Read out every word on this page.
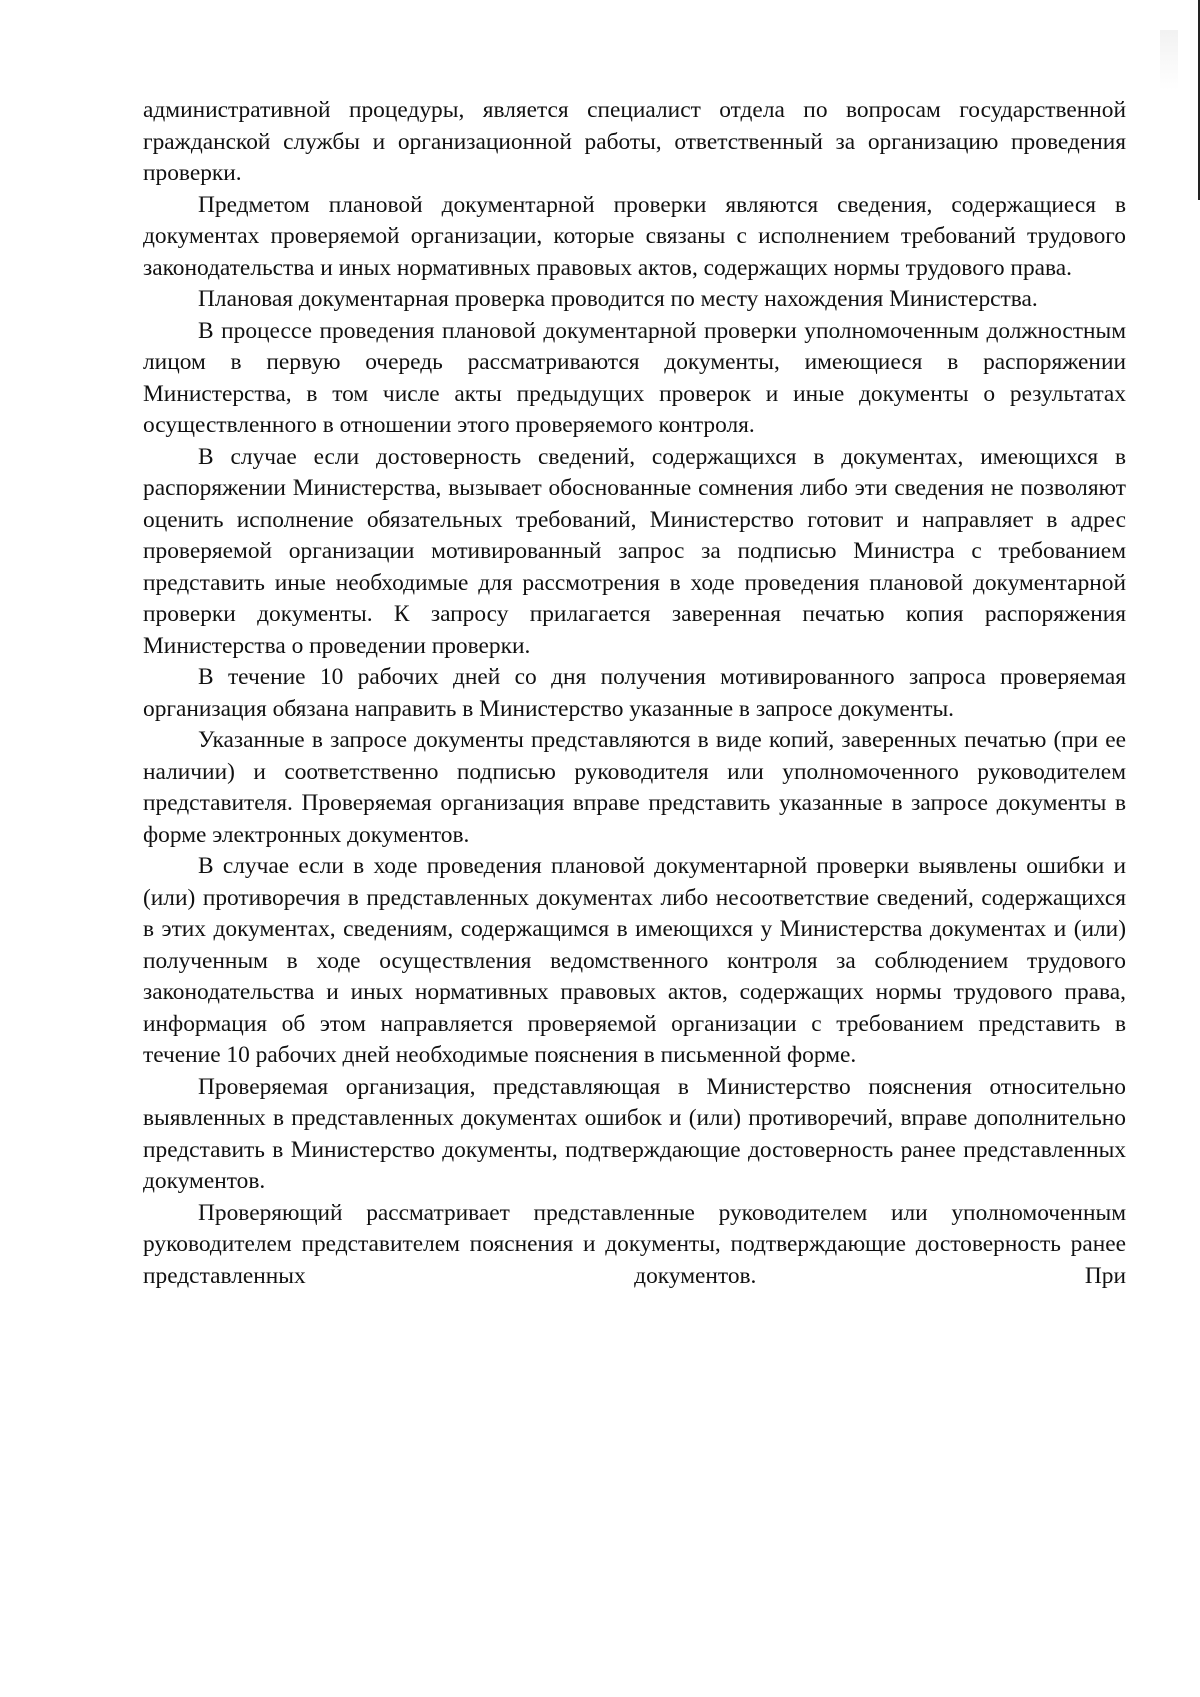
административной процедуры, является специалист отдела по вопросам государственной гражданской службы и организационной работы, ответственный за организацию проведения проверки.

Предметом плановой документарной проверки являются сведения, содержащиеся в документах проверяемой организации, которые связаны с исполнением требований трудового законодательства и иных нормативных правовых актов, содержащих нормы трудового права.

Плановая документарная проверка проводится по месту нахождения Министерства.

В процессе проведения плановой документарной проверки уполномоченным должностным лицом в первую очередь рассматриваются документы, имеющиеся в распоряжении Министерства, в том числе акты предыдущих проверок и иные документы о результатах осуществленного в отношении этого проверяемого контроля.

В случае если достоверность сведений, содержащихся в документах, имеющихся в распоряжении Министерства, вызывает обоснованные сомнения либо эти сведения не позволяют оценить исполнение обязательных требований, Министерство готовит и направляет в адрес проверяемой организации мотивированный запрос за подписью Министра с требованием представить иные необходимые для рассмотрения в ходе проведения плановой документарной проверки документы. К запросу прилагается заверенная печатью копия распоряжения Министерства о проведении проверки.

В течение 10 рабочих дней со дня получения мотивированного запроса проверяемая организация обязана направить в Министерство указанные в запросе документы.

Указанные в запросе документы представляются в виде копий, заверенных печатью (при ее наличии) и соответственно подписью руководителя или уполномоченного руководителем представителя. Проверяемая организация вправе представить указанные в запросе документы в форме электронных документов.

В случае если в ходе проведения плановой документарной проверки выявлены ошибки и (или) противоречия в представленных документах либо несоответствие сведений, содержащихся в этих документах, сведениям, содержащимся в имеющихся у Министерства документах и (или) полученным в ходе осуществления ведомственного контроля за соблюдением трудового законодательства и иных нормативных правовых актов, содержащих нормы трудового права, информация об этом направляется проверяемой организации с требованием представить в течение 10 рабочих дней необходимые пояснения в письменной форме.

Проверяемая организация, представляющая в Министерство пояснения относительно выявленных в представленных документах ошибок и (или) противоречий, вправе дополнительно представить в Министерство документы, подтверждающие достоверность ранее представленных документов.

Проверяющий рассматривает представленные руководителем или уполномоченным руководителем представителем пояснения и документы, подтверждающие достоверность ранее представленных документов. При
